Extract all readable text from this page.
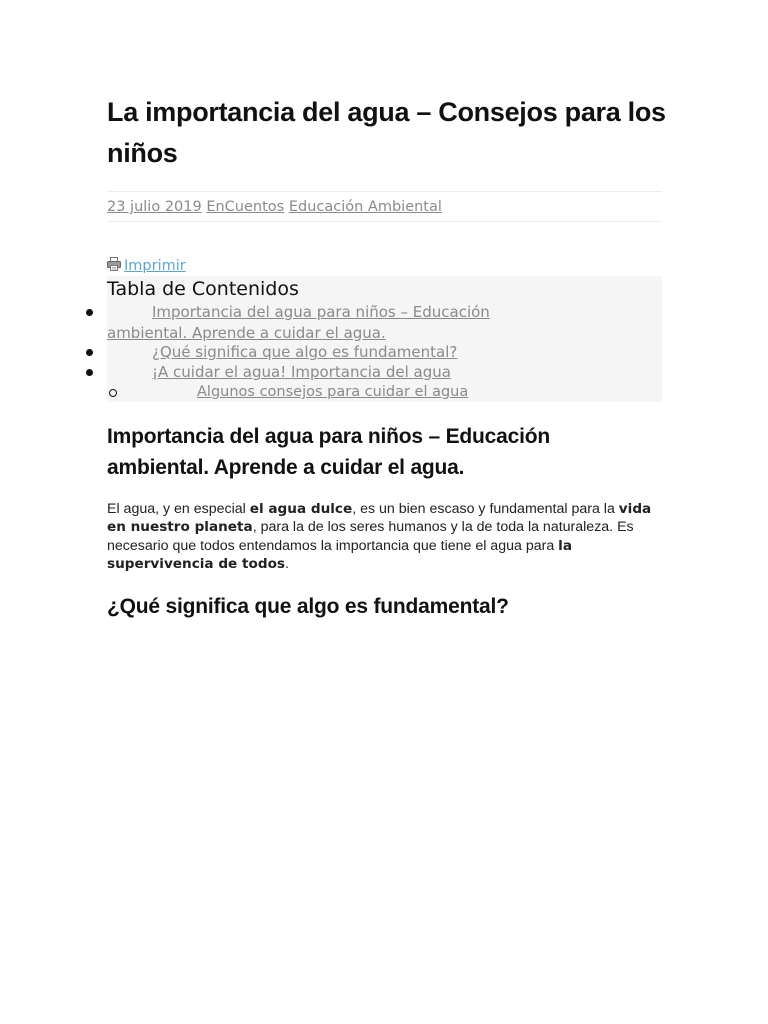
La importancia del agua – Consejos para los niños
23 julio 2019 EnCuentos Educación Ambiental
Imprimir
Tabla de Contenidos
Importancia del agua para niños – Educación
ambiental. Aprende a cuidar el agua.
¿Qué significa que algo es fundamental?
¡A cuidar el agua! Importancia del agua
Algunos consejos para cuidar el agua
Importancia del agua para niños – Educación
ambiental. Aprende a cuidar el agua.

El agua, y en especial el agua dulce, es un bien escaso y fundamental para la vida en nuestro planeta, para la de los seres humanos y la de toda la naturaleza. Es necesario que todos entendamos la importancia que tiene el agua para la supervivencia de todos.

¿Qué significa que algo es fundamental?
